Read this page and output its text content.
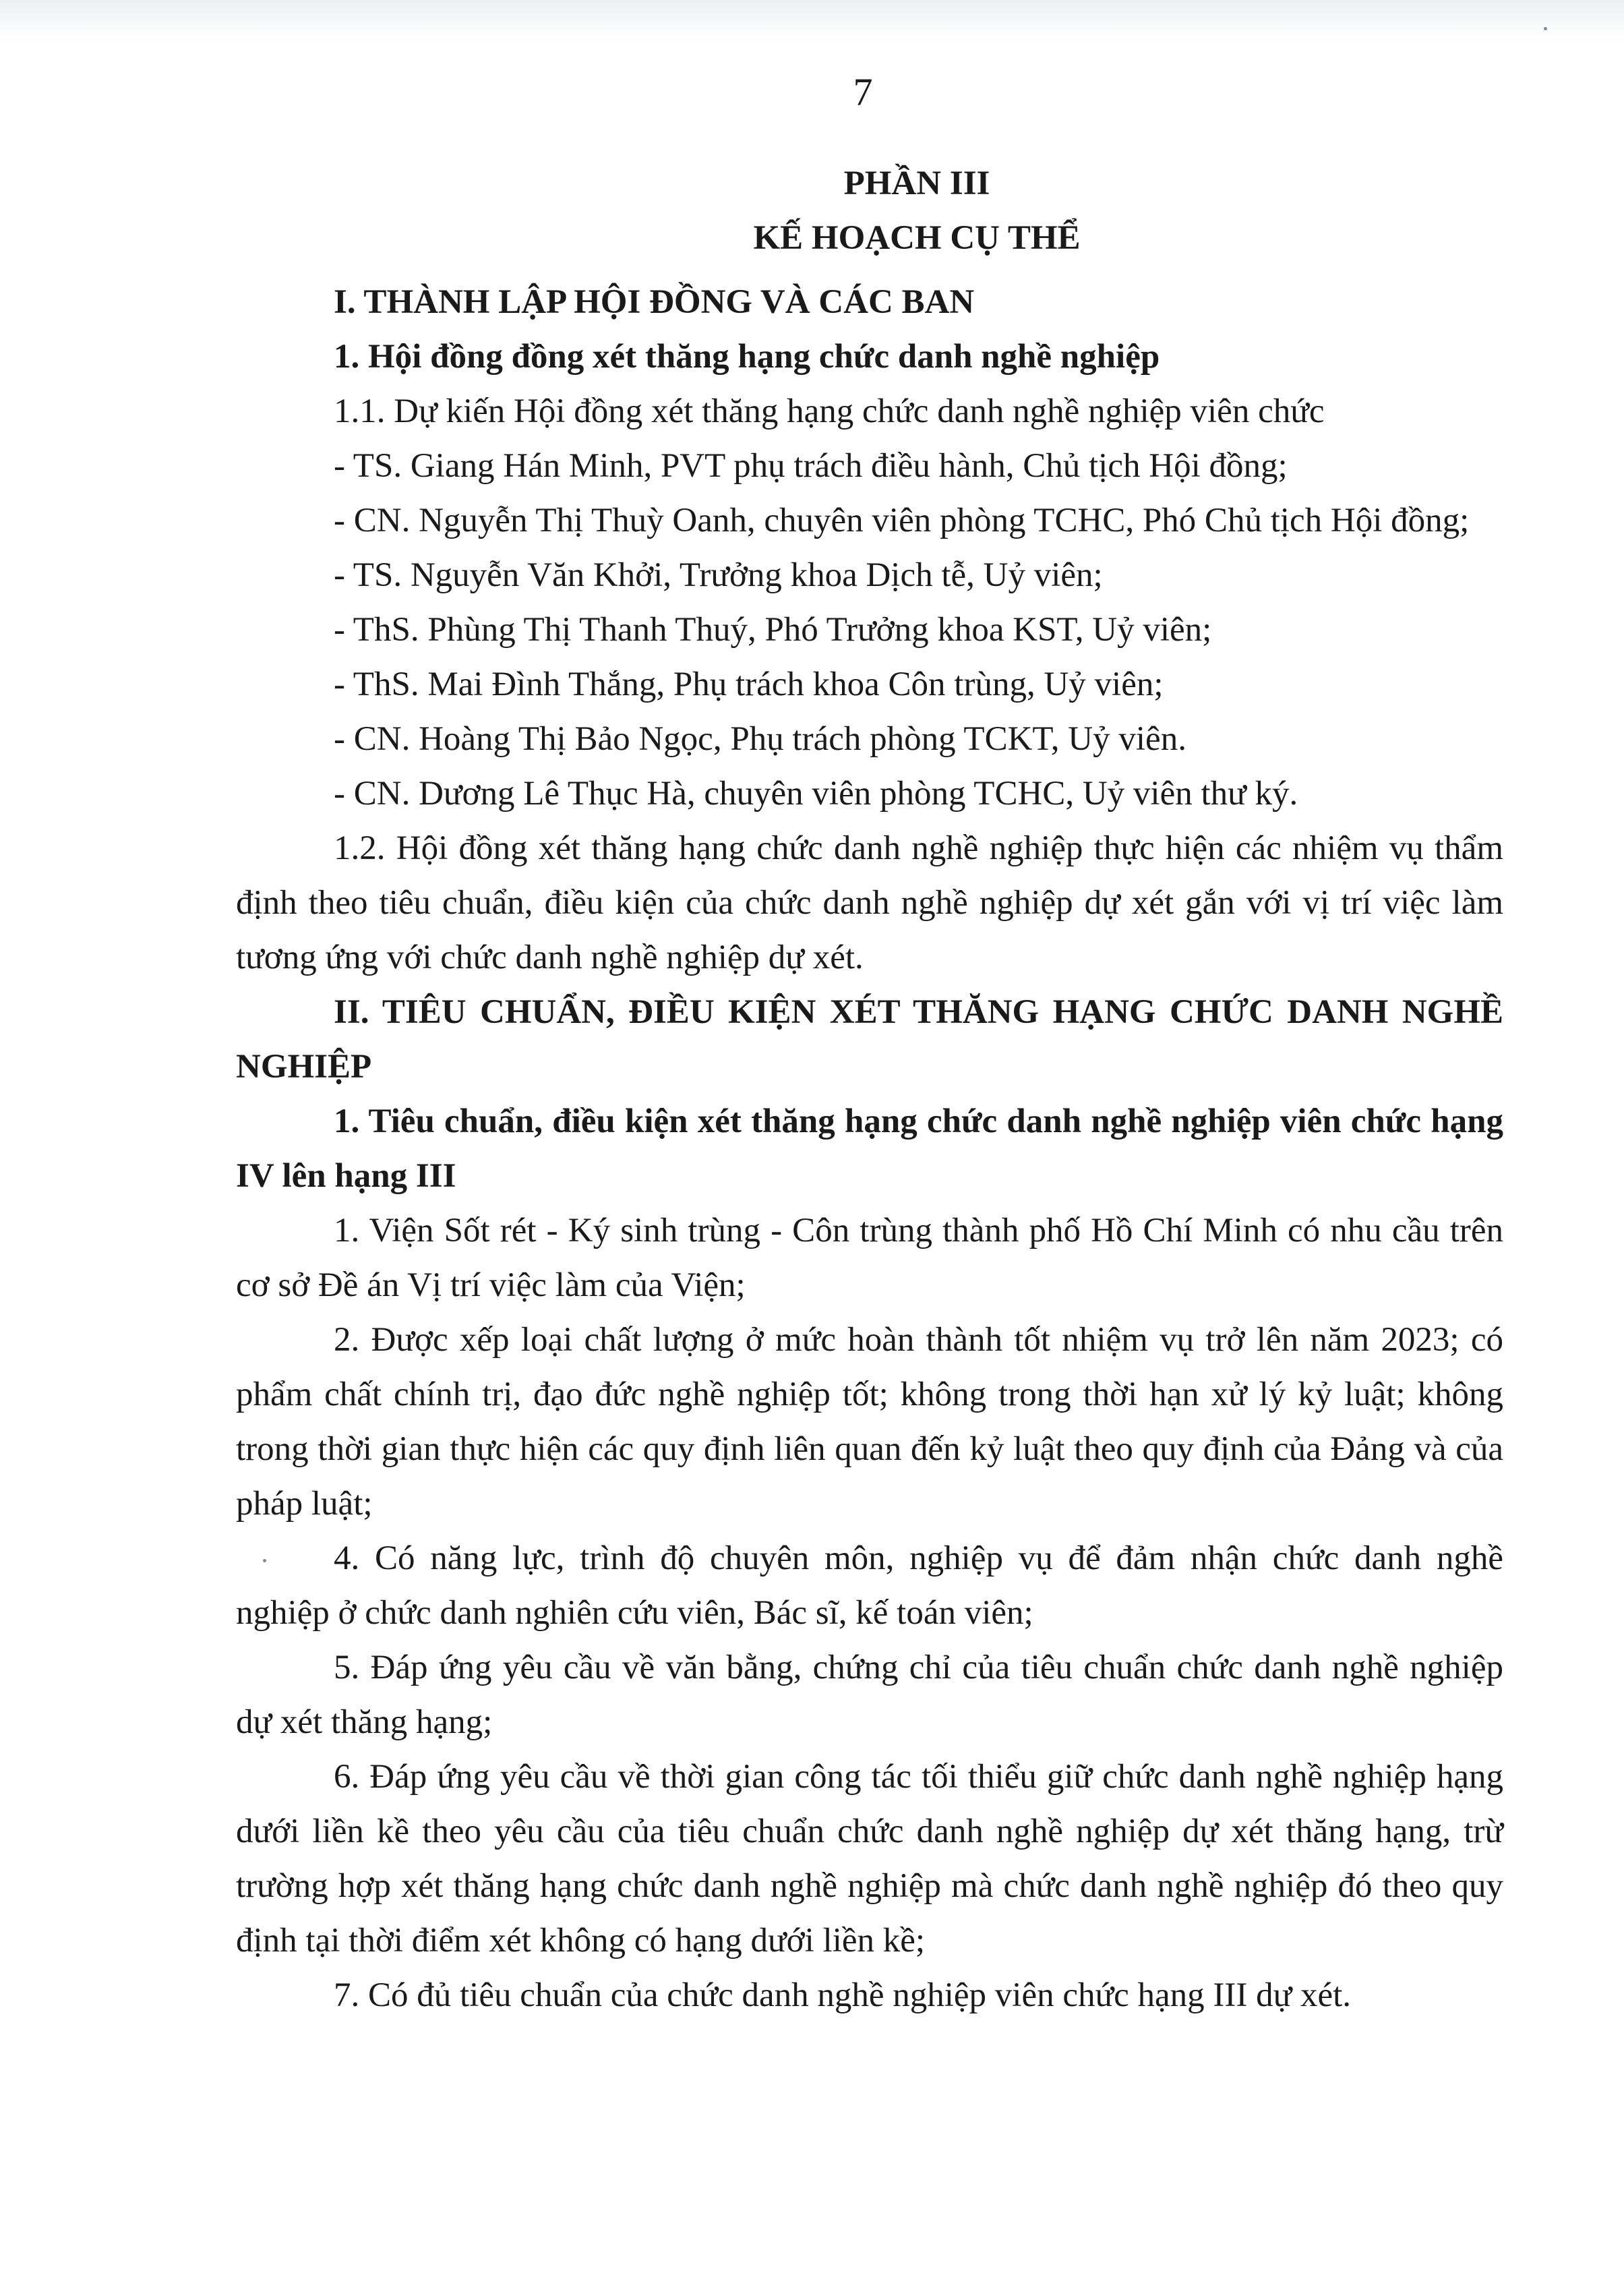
7
PHẦN III
KẾ HOẠCH CỤ THỂ
I. THÀNH LẬP HỘI ĐỒNG VÀ CÁC BAN
1. Hội đồng đồng xét thăng hạng chức danh nghề nghiệp
1.1. Dự kiến Hội đồng xét thăng hạng chức danh nghề nghiệp viên chức
- TS. Giang Hán Minh, PVT phụ trách điều hành, Chủ tịch Hội đồng;
- CN. Nguyễn Thị Thuỳ Oanh, chuyên viên phòng TCHC, Phó Chủ tịch Hội đồng;
- TS. Nguyễn Văn Khởi, Trưởng khoa Dịch tễ, Uỷ viên;
- ThS. Phùng Thị Thanh Thuý, Phó Trưởng khoa KST, Uỷ viên;
- ThS. Mai Đình Thắng, Phụ trách khoa Côn trùng, Uỷ viên;
- CN. Hoàng Thị Bảo Ngọc, Phụ trách phòng TCKT, Uỷ viên.
- CN. Dương Lê Thục Hà, chuyên viên phòng TCHC, Uỷ viên thư ký.
1.2. Hội đồng xét thăng hạng chức danh nghề nghiệp thực hiện các nhiệm vụ thẩm định theo tiêu chuẩn, điều kiện của chức danh nghề nghiệp dự xét gắn với vị trí việc làm tương ứng với chức danh nghề nghiệp dự xét.
II. TIÊU CHUẨN, ĐIỀU KIỆN XÉT THĂNG HẠNG CHỨC DANH NGHỀ NGHIỆP
1. Tiêu chuẩn, điều kiện xét thăng hạng chức danh nghề nghiệp viên chức hạng IV lên hạng III
1. Viện Sốt rét - Ký sinh trùng - Côn trùng thành phố Hồ Chí Minh có nhu cầu trên cơ sở Đề án Vị trí việc làm của Viện;
2. Được xếp loại chất lượng ở mức hoàn thành tốt nhiệm vụ trở lên năm 2023; có phẩm chất chính trị, đạo đức nghề nghiệp tốt; không trong thời hạn xử lý kỷ luật; không trong thời gian thực hiện các quy định liên quan đến kỷ luật theo quy định của Đảng và của pháp luật;
4. Có năng lực, trình độ chuyên môn, nghiệp vụ để đảm nhận chức danh nghề nghiệp ở chức danh nghiên cứu viên, Bác sĩ, kế toán viên;
5. Đáp ứng yêu cầu về văn bằng, chứng chỉ của tiêu chuẩn chức danh nghề nghiệp dự xét thăng hạng;
6. Đáp ứng yêu cầu về thời gian công tác tối thiểu giữ chức danh nghề nghiệp hạng dưới liền kề theo yêu cầu của tiêu chuẩn chức danh nghề nghiệp dự xét thăng hạng, trừ trường hợp xét thăng hạng chức danh nghề nghiệp mà chức danh nghề nghiệp đó theo quy định tại thời điểm xét không có hạng dưới liền kề;
7. Có đủ tiêu chuẩn của chức danh nghề nghiệp viên chức hạng III dự xét.
